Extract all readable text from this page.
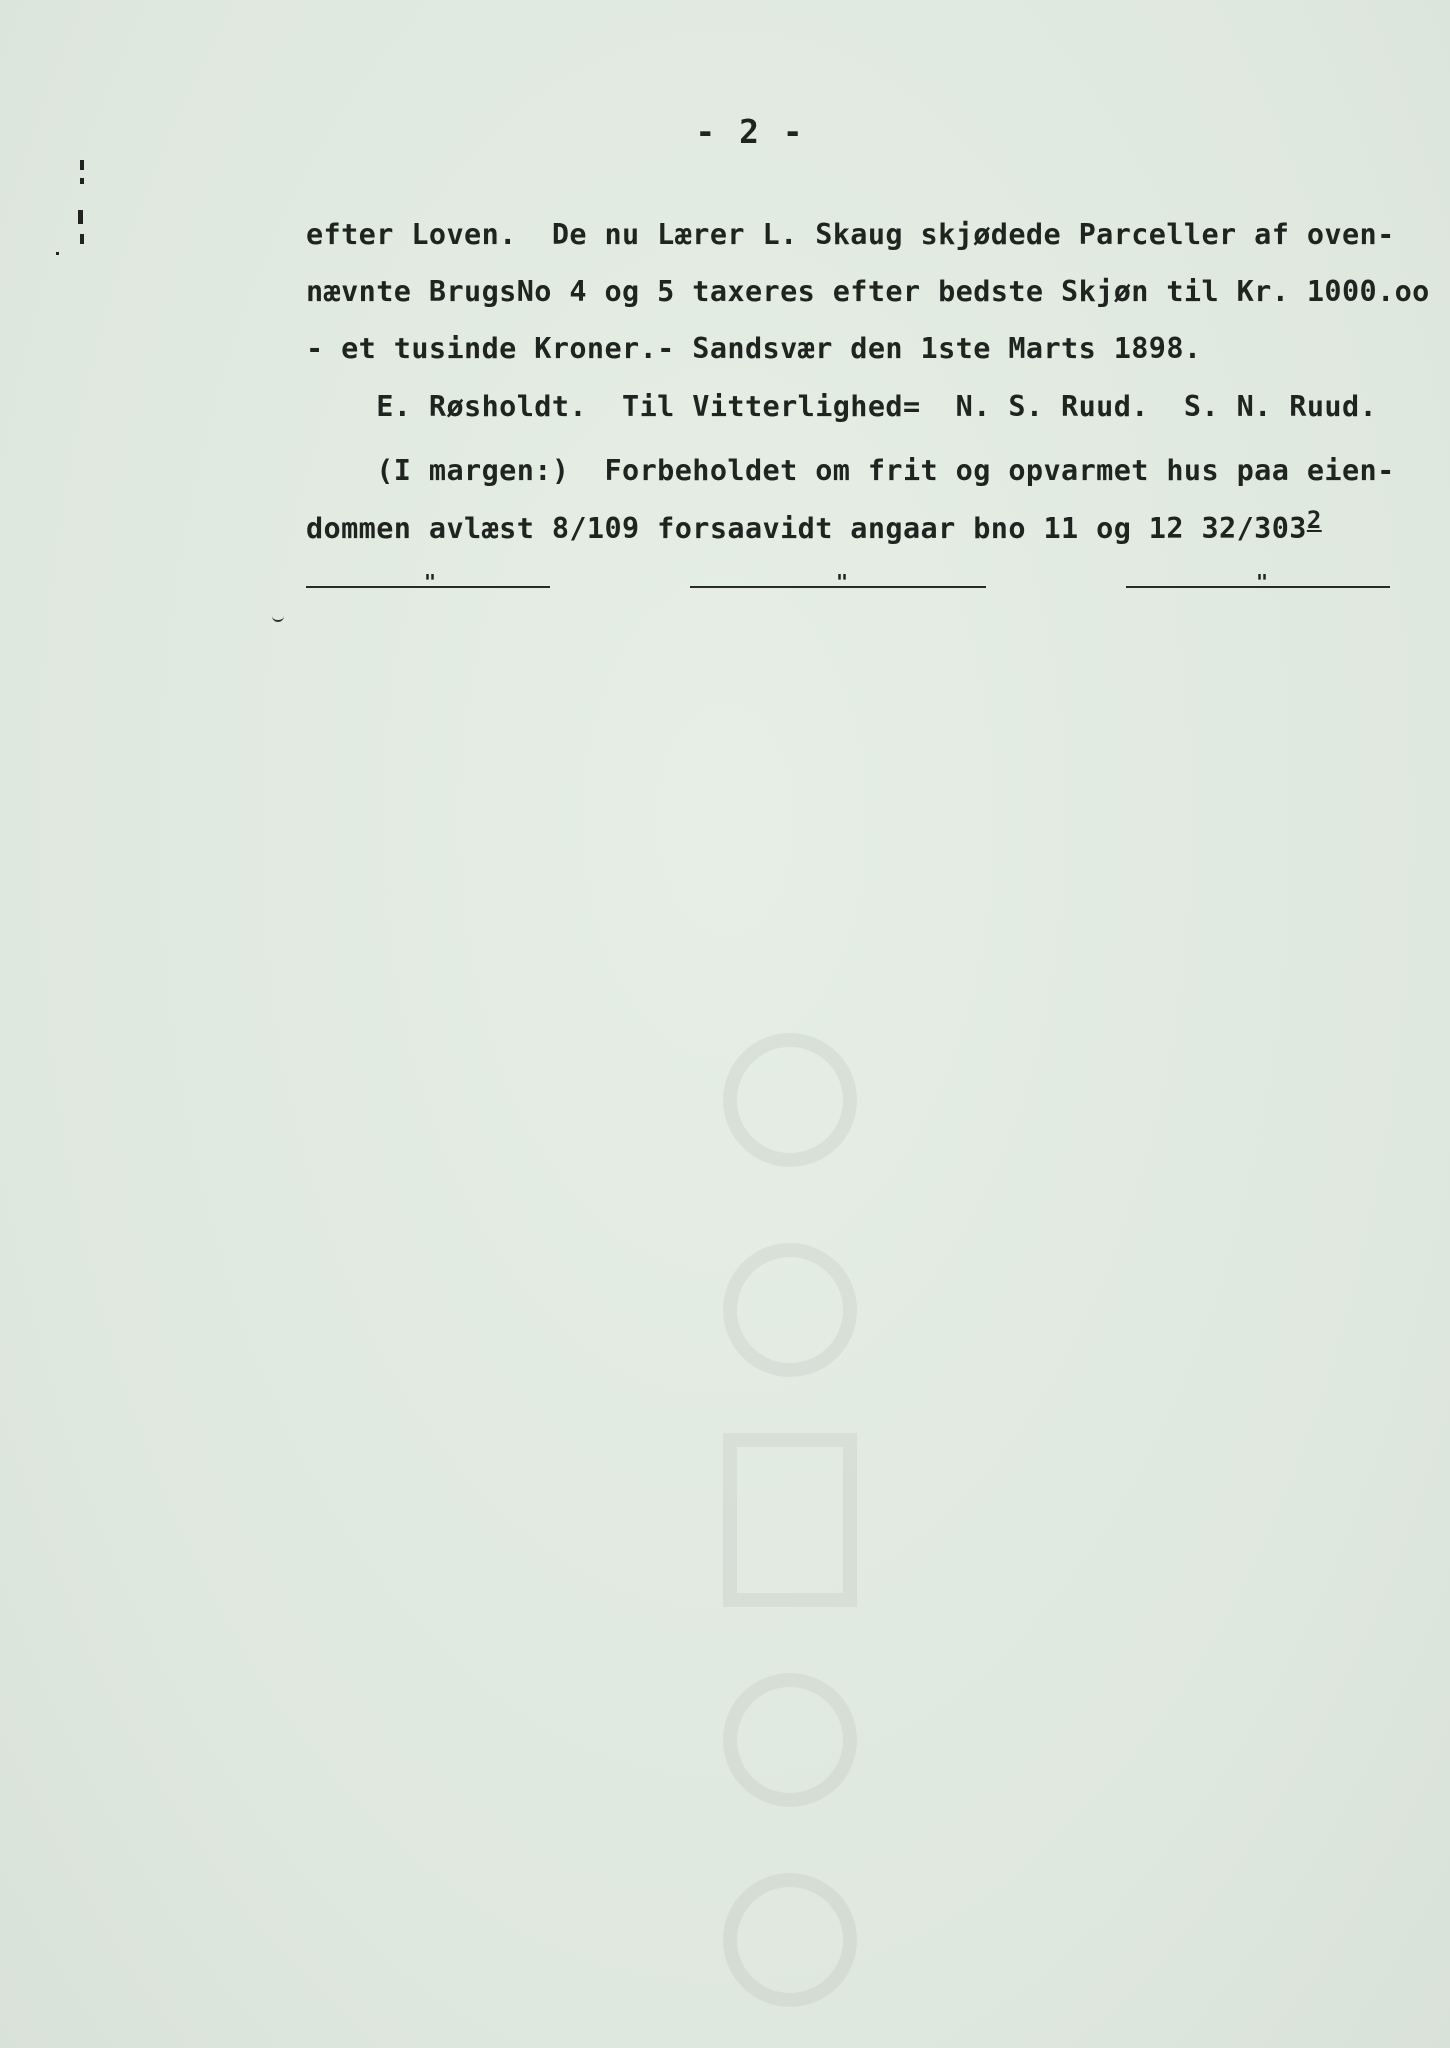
- 2 -
efter Loven.  De nu Lærer L. Skaug skjødede Parceller af oven-
nævnte BrugsNo 4 og 5 taxeres efter bedste Skjøn til Kr. 1000.oo
- et tusinde Kroner.- Sandsvær den 1ste Marts 1898.
E. Røsholdt.  Til Vitterlighed=  N. S. Ruud.  S. N. Ruud.
(I margen:)  Forbeholdet om frit og opvarmet hus paa eien-
dommen avlæst 8/109 forsaavidt angaar bno 11 og 12 $32/303^2$
"	"	"
